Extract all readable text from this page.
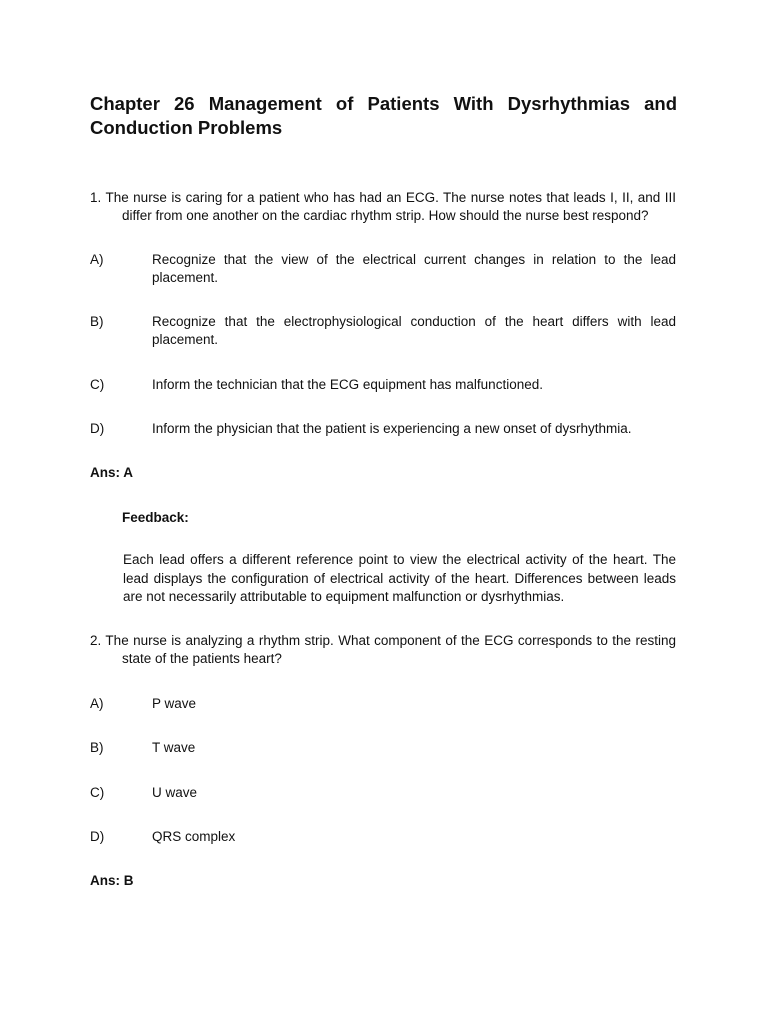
Chapter 26 Management of Patients With Dysrhythmias and Conduction Problems

1. The nurse is caring for a patient who has had an ECG. The nurse notes that leads I, II, and III differ from one another on the cardiac rhythm strip. How should the nurse best respond?

A)	Recognize that the view of the electrical current changes in relation to the lead placement.
B)	Recognize that the electrophysiological conduction of the heart differs with lead placement.
C)	Inform the technician that the ECG equipment has malfunctioned.
D)	Inform the physician that the patient is experiencing a new onset of dysrhythmia.
Ans: A
Feedback:

Each lead offers a different reference point to view the electrical activity of the heart. The lead displays the configuration of electrical activity of the heart. Differences between leads are not necessarily attributable to equipment malfunction or dysrhythmias.

2. The nurse is analyzing a rhythm strip. What component of the ECG corresponds to the resting state of the patients heart?

A)	P wave
B)	T wave
C)	U wave
D)	QRS complex
Ans: B
